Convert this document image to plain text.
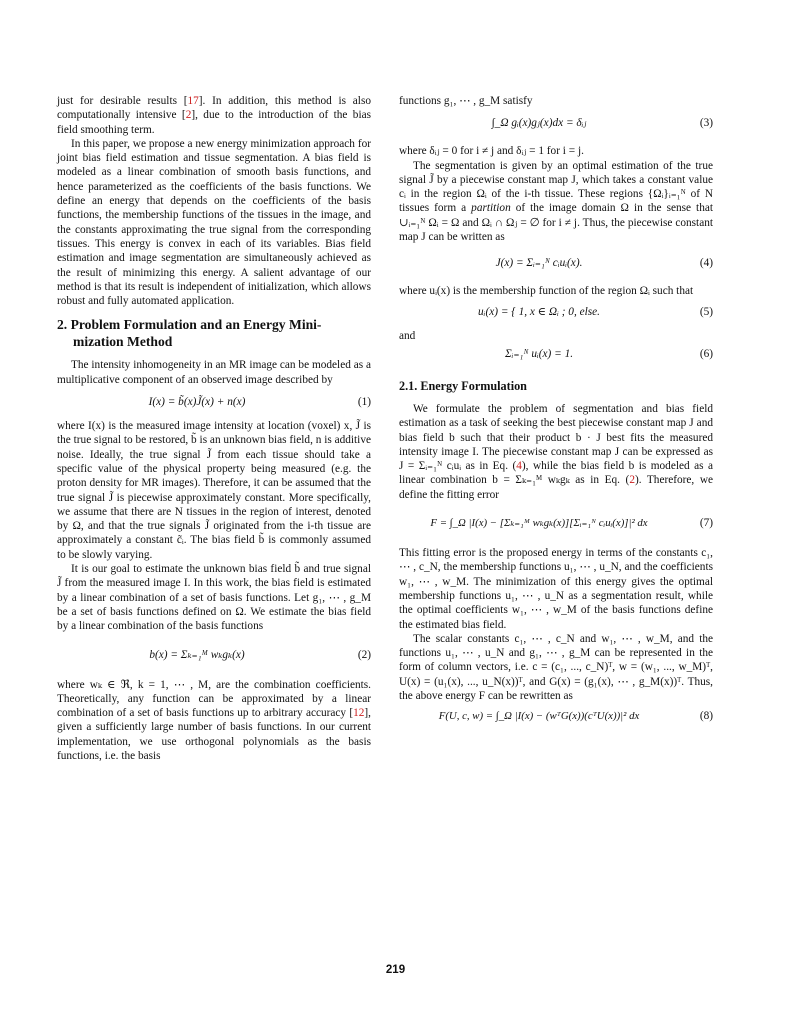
just for desirable results [17]. In addition, this method is also computationally intensive [2], due to the introduction of the bias field smoothing term.

In this paper, we propose a new energy minimization approach for joint bias field estimation and tissue segmentation. A bias field is modeled as a linear combination of smooth basis functions, and hence parameterized as the coefficients of the basis functions. We define an energy that depends on the coefficients of the basis functions, the membership functions of the tissues in the image, and the constants approximating the true signal from the corresponding tissues. This energy is convex in each of its variables. Bias field estimation and image segmentation are simultaneously achieved as the result of minimizing this energy. A salient advantage of our method is that its result is independent of initialization, which allows robust and fully automated application.

2. Problem Formulation and an Energy Mini-
mization Method

The intensity inhomogeneity in an MR image can be modeled as a multiplicative component of an observed image described by

I(x) = b̃(x)J̃(x) + n(x)	(1)

where I(x) is the measured image intensity at location (voxel) x, J̃ is the true signal to be restored, b̃ is an unknown bias field, n is additive noise. Ideally, the true signal J̃ from each tissue should take a specific value of the physical property being measured (e.g. the proton density for MR images). Therefore, it can be assumed that the true signal J̃ is piecewise approximately constant. More specifically, we assume that there are N tissues in the region of interest, denoted by Ω, and that the true signals J̃ originated from the i-th tissue are approximately a constant c̃ᵢ. The bias field b̃ is commonly assumed to be slowly varying.

It is our goal to estimate the unknown bias field b̃ and true signal J̃ from the measured image I. In this work, the bias field is estimated by a linear combination of a set of basis functions. Let g₁, ⋯ , g_M be a set of basis functions defined on Ω. We estimate the bias field by a linear combination of the basis functions

b(x) = Σₖ₌₁ᴹ wₖgₖ(x)	(2)

where wₖ ∈ ℜ, k = 1, ⋯ , M, are the combination coefficients. Theoretically, any function can be approximated by a linear combination of a set of basis functions up to arbitrary accuracy [12], given a sufficiently large number of basis functions. In our current implementation, we use orthogonal polynomials as the basis functions, i.e. the basis

functions g₁, ⋯ , g_M satisfy

∫_Ω gᵢ(x)gⱼ(x)dx = δᵢⱼ	(3)

where δᵢⱼ = 0 for i ≠ j and δᵢⱼ = 1 for i = j.

The segmentation is given by an optimal estimation of the true signal J̃ by a piecewise constant map J, which takes a constant value cᵢ in the region Ωᵢ of the i-th tissue. These regions {Ωᵢ}ᵢ₌₁ᴺ of N tissues form a partition of the image domain Ω in the sense that ∪ᵢ₌₁ᴺ Ωᵢ = Ω and Ωᵢ ∩ Ωⱼ = ∅ for i ≠ j. Thus, the piecewise constant map J can be written as

J(x) = Σᵢ₌₁ᴺ cᵢuᵢ(x).	(4)

where uᵢ(x) is the membership function of the region Ωᵢ such that

uᵢ(x) = { 1, x ∈ Ωᵢ ; 0, else.	(5)

and

Σᵢ₌₁ᴺ uᵢ(x) = 1.	(6)
2.1. Energy Formulation

We formulate the problem of segmentation and bias field estimation as a task of seeking the best piecewise constant map J and bias field b such that their product b · J best fits the measured intensity image I. The piecewise constant map J can be expressed as J = Σᵢ₌₁ᴺ cᵢuᵢ as in Eq. (4), while the bias field b is modeled as a linear combination b = Σₖ₌₁ᴹ wₖgₖ as in Eq. (2). Therefore, we define the fitting error

F = ∫_Ω |I(x) − [Σₖ₌₁ᴹ wₖgₖ(x)][Σᵢ₌₁ᴺ cᵢuᵢ(x)]|² dx	(7)

This fitting error is the proposed energy in terms of the constants c₁, ⋯ , c_N, the membership functions u₁, ⋯ , u_N, and the coefficients w₁, ⋯ , w_M. The minimization of this energy gives the optimal membership functions u₁, ⋯ , u_N as a segmentation result, while the optimal coefficients w₁, ⋯ , w_M of the basis functions define the estimated bias field.

The scalar constants c₁, ⋯ , c_N and w₁, ⋯ , w_M, and the functions u₁, ⋯ , u_N and g₁, ⋯ , g_M can be represented in the form of column vectors, i.e. c = (c₁, ..., c_N)ᵀ, w = (w₁, ..., w_M)ᵀ, U(x) = (u₁(x), ..., u_N(x))ᵀ, and G(x) = (g₁(x), ⋯ , g_M(x))ᵀ. Thus, the above energy F can be rewritten as

F(U, c, w) = ∫_Ω |I(x) − (wᵀG(x))(cᵀU(x))|² dx	(8)
219
